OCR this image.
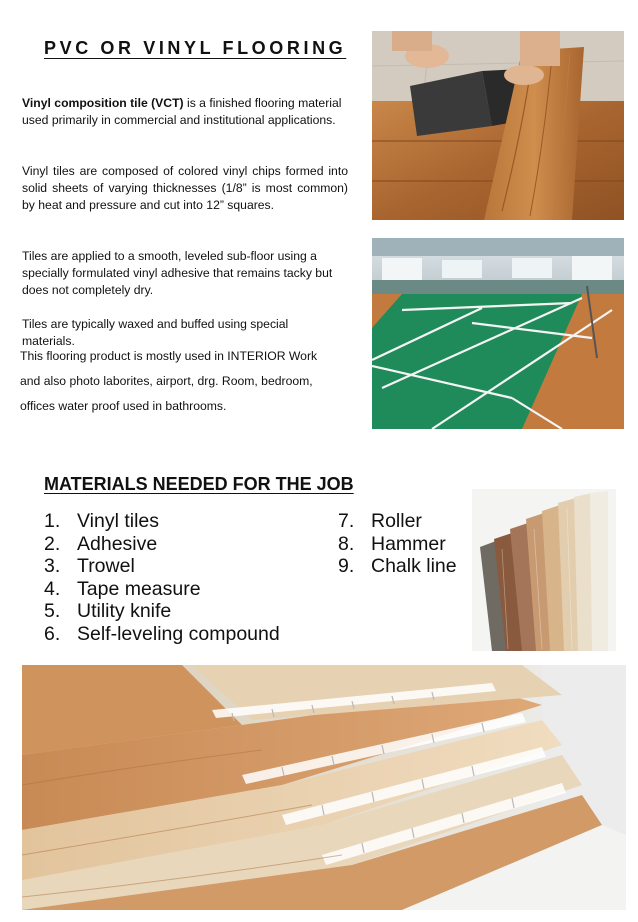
PVC OR VINYL FLOORING

Vinyl composition tile (VCT) is a finished flooring material used primarily in commercial and institutional applications.

Vinyl tiles are composed of colored vinyl chips formed into solid sheets of varying thicknesses (1/8” is most common) by heat and pressure and cut into 12” squares.

Tiles are applied to a smooth, leveled sub-floor using a specially formulated vinyl adhesive that remains tacky but does not completely dry.

Tiles are typically waxed and buffed using special materials.

This flooring product is mostly used in INTERIOR Work
and also photo laborites, airport, drg. Room, bedroom,
offices water proof used in bathrooms.
MATERIALS NEEDED FOR THE JOB
1. Vinyl tiles
2. Adhesive
3. Trowel
4. Tape measure
5. Utility knife
6. Self-leveling compound
7. Roller
8. Hammer
9. Chalk line
